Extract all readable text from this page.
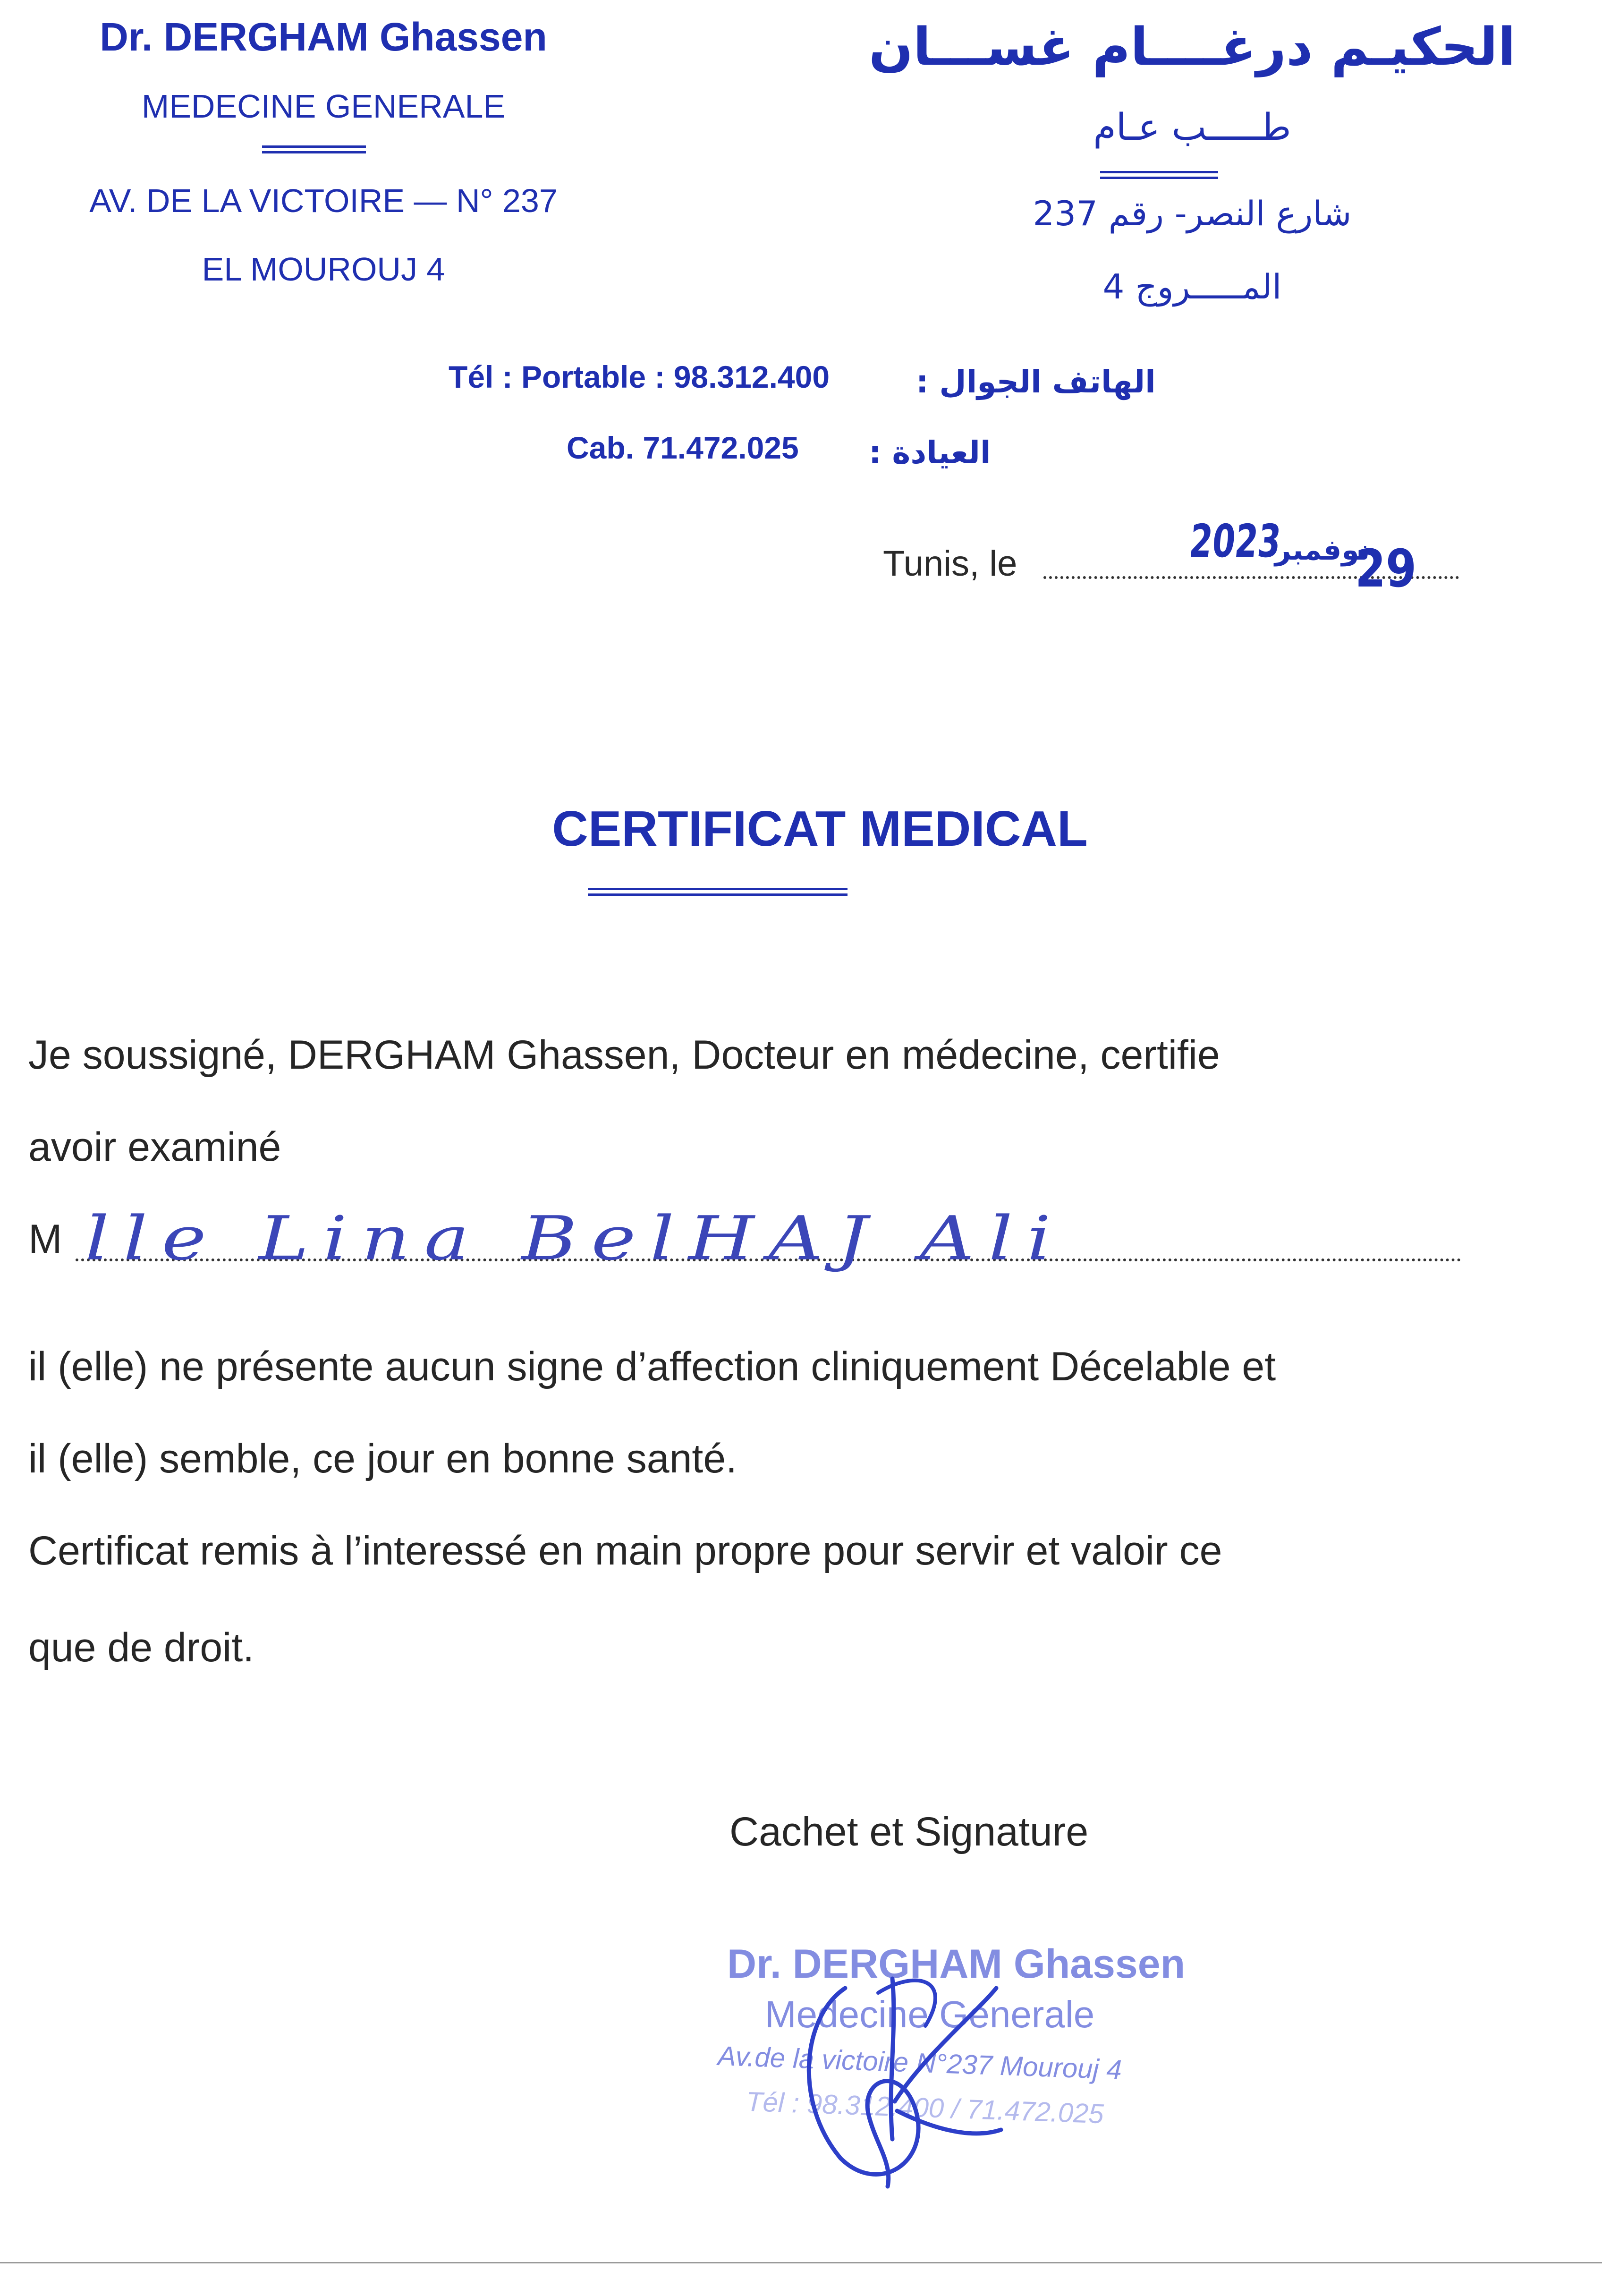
Dr. DERGHAM Ghassen
MEDECINE GENERALE
AV. DE LA VICTOIRE — N° 237
EL MOUROUJ 4
الحكيـم درغــــام غســـان
طـــــب عـام
شارع النصر- رقم 237
المـــــروج 4
Tél : Portable : 98.312.400	الهاتف الجوال :
Cab. 71.472.025 العيادة :
Tunis, le	2023
نوفمبر
29
CERTIFICAT MEDICAL
Je soussigné, DERGHAM Ghassen, Docteur en médecine, certifie
avoir examiné
M lle Lina BelHAJ Ali
il (elle) ne présente aucun signe d’affection cliniquement Décelable et
il (elle) semble, ce jour en bonne santé.
Certificat remis à l’interessé en main propre pour servir et valoir ce
que de droit.
Cachet et Signature
Dr. DERGHAM Ghassen
Medecine Generale
Av.de la victoire N°237 Mourouj 4
Tél : 98.312.400 / 71.472.025
